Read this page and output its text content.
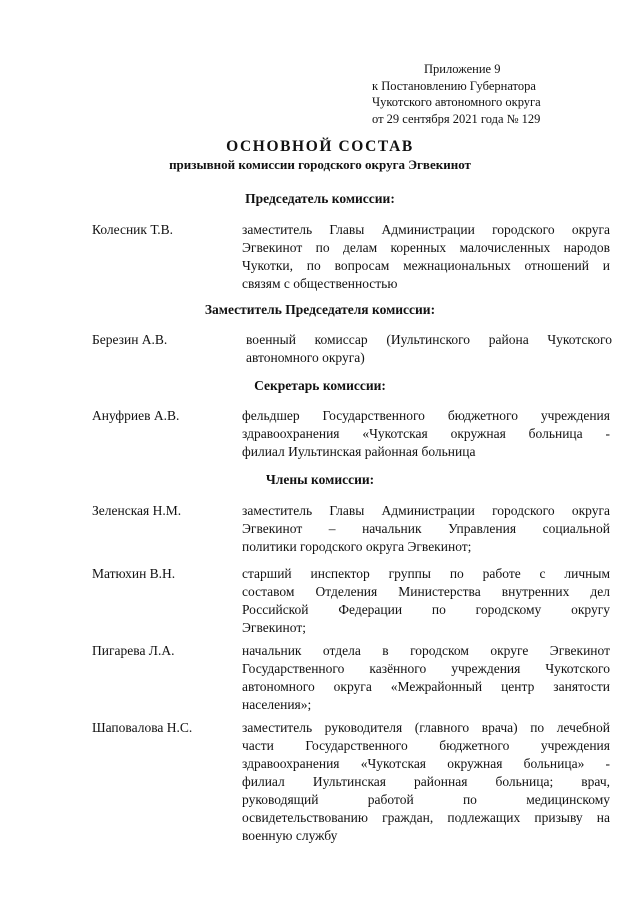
Приложение 9
к Постановлению Губернатора
Чукотского автономного округа
от 29 сентября 2021 года № 129
ОСНОВНОЙ СОСТАВ
призывной комиссии городского округа Эгвекинот
Председатель комиссии:
Колесник Т.В.	заместитель Главы Администрации городского округа
Эгвекинот по делам коренных малочисленных народов
Чукотки, по вопросам межнациональных отношений и
связям с общественностью
Заместитель Председателя комиссии:
Березин А.В.	военный комиссар (Иультинского района Чукотского
автономного округа)
Секретарь комиссии:
Ануфриев А.В.	фельдшер Государственного бюджетного учреждения
здравоохранения «Чукотская окружная больница -
филиал Иультинская районная больница
Члены комиссии:
Зеленская Н.М.	заместитель Главы Администрации городского округа
Эгвекинот – начальник Управления социальной
политики городского округа Эгвекинот;
Матюхин В.Н.	старший инспектор группы по работе с личным
составом Отделения Министерства внутренних дел
Российской Федерации по городскому округу
Эгвекинот;
Пигарева Л.А.	начальник отдела в городском округе Эгвекинот
Государственного казённого учреждения Чукотского
автономного округа «Межрайонный центр занятости
населения»;
Шаповалова Н.С.	заместитель руководителя (главного врача) по лечебной
части Государственного бюджетного учреждения
здравоохранения «Чукотская окружная больница» -
филиал Иультинская районная больница; врач,
руководящий работой по медицинскому
освидетельствованию граждан, подлежащих призыву на
военную службу
